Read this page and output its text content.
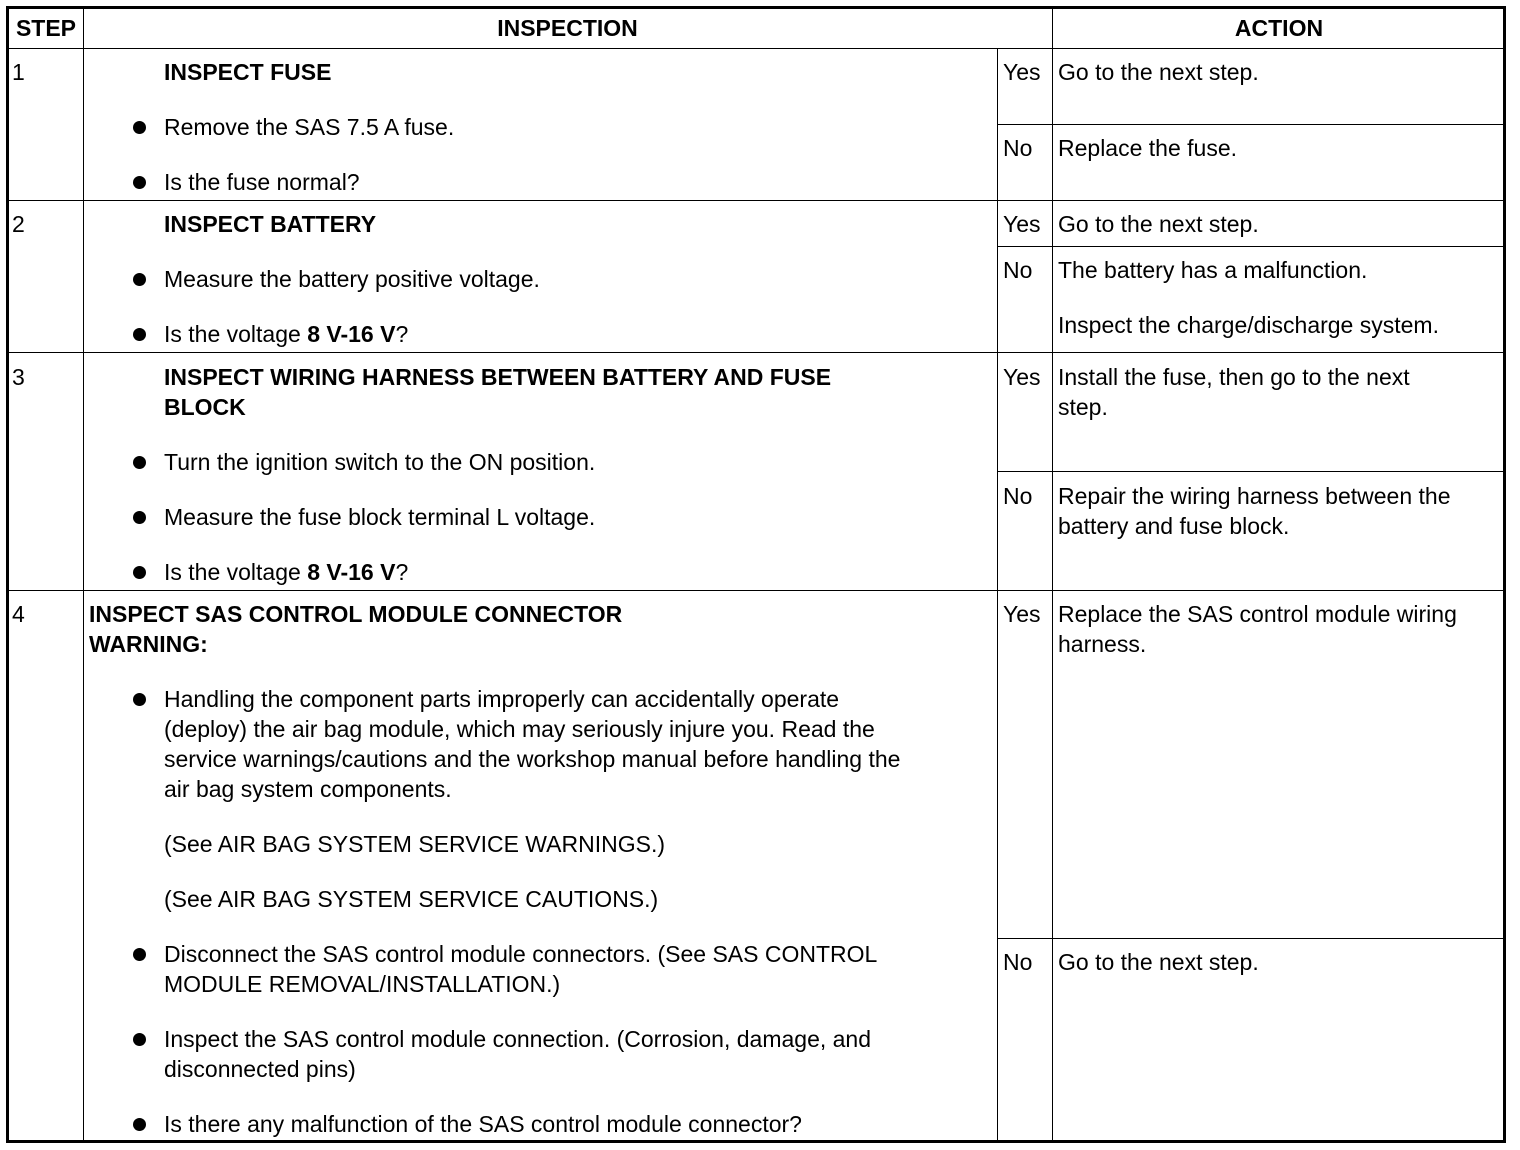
STEP	INSPECTION	ACTION
1	INSPECT FUSE
Remove the SAS 7.5 A fuse.
Is the fuse normal?
Yes Go to the next step.
No Replace the fuse.
2	INSPECT BATTERY
Measure the battery positive voltage.
Is the voltage 8 V-16 V?
Yes Go to the next step.
No The battery has a malfunction.
Inspect the charge/discharge system.
3	INSPECT WIRING HARNESS BETWEEN BATTERY AND FUSE
BLOCK
Turn the ignition switch to the ON position.
Measure the fuse block terminal L voltage.
Is the voltage 8 V-16 V?
Yes Install the fuse, then go to the next
step.
No Repair the wiring harness between the
battery and fuse block.
4	INSPECT SAS CONTROL MODULE CONNECTOR
WARNING:
Handling the component parts improperly can accidentally operate
(deploy) the air bag module, which may seriously injure you. Read the
service warnings/cautions and the workshop manual before handling the
air bag system components.
(See AIR BAG SYSTEM SERVICE WARNINGS.)
(See AIR BAG SYSTEM SERVICE CAUTIONS.)
Disconnect the SAS control module connectors. (See SAS CONTROL
MODULE REMOVAL/INSTALLATION.)
Inspect the SAS control module connection. (Corrosion, damage, and
disconnected pins)
Is there any malfunction of the SAS control module connector?
Yes Replace the SAS control module wiring
harness.
No Go to the next step.
